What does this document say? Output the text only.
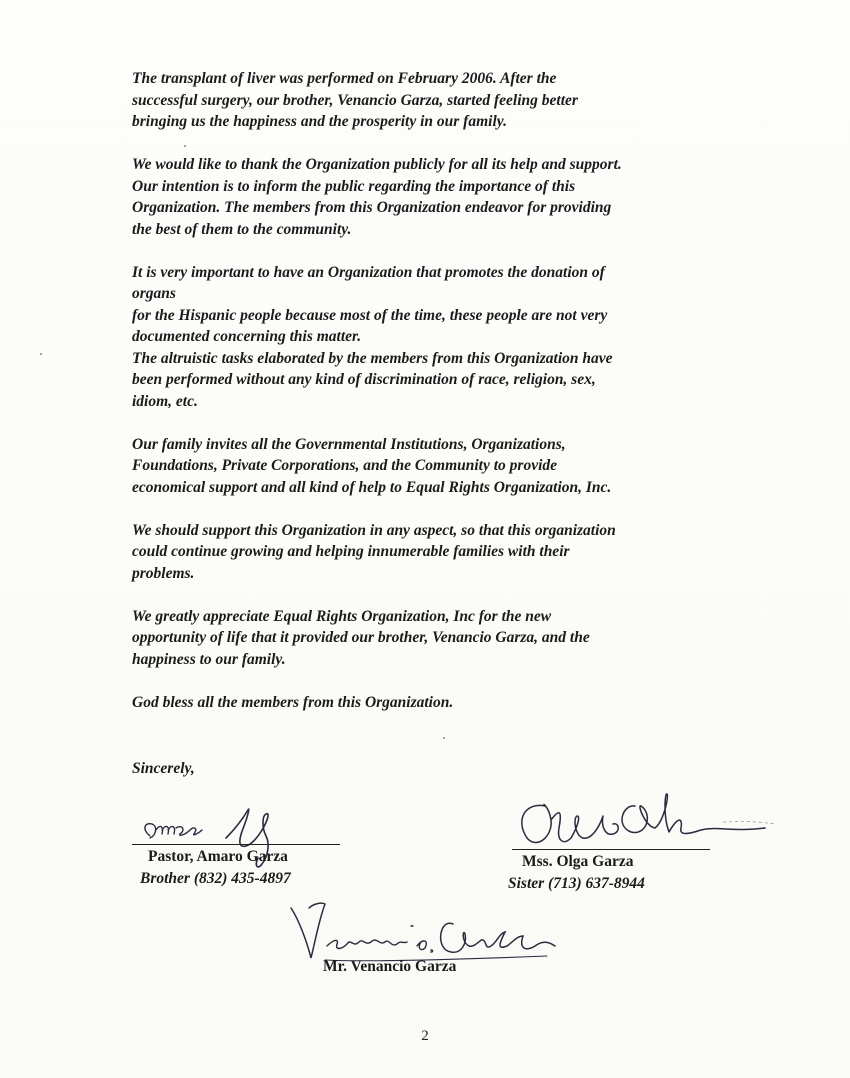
The transplant of liver was performed on February 2006. After the
successful surgery, our brother, Venancio Garza, started feeling better
bringing us the happiness and the prosperity in our family.

We would like to thank the Organization publicly for all its help and support.
Our intention is to inform the public regarding the importance of this
Organization. The members from this Organization endeavor for providing
the best of them to the community.

It is very important to have an Organization that promotes the donation of
organs
for the Hispanic people because most of the time, these people are not very
documented concerning this matter.
The altruistic tasks elaborated by the members from this Organization have
been performed without any kind of discrimination of race, religion, sex,
idiom, etc.

Our family invites all the Governmental Institutions, Organizations,
Foundations, Private Corporations, and the Community to provide
economical support and all kind of help to Equal Rights Organization, Inc.

We should support this Organization in any aspect, so that this organization
could continue growing and helping innumerable families with their
problems.

We greatly appreciate Equal Rights Organization, Inc for the new
opportunity of life that it provided our brother, Venancio Garza, and the
happiness to our family.

God bless all the members from this Organization.

Sincerely,
Pastor, Amaro Garza
Brother (832) 435-4897
Mss. Olga Garza
Sister (713) 637-8944
Mr. Venancio Garza
2
